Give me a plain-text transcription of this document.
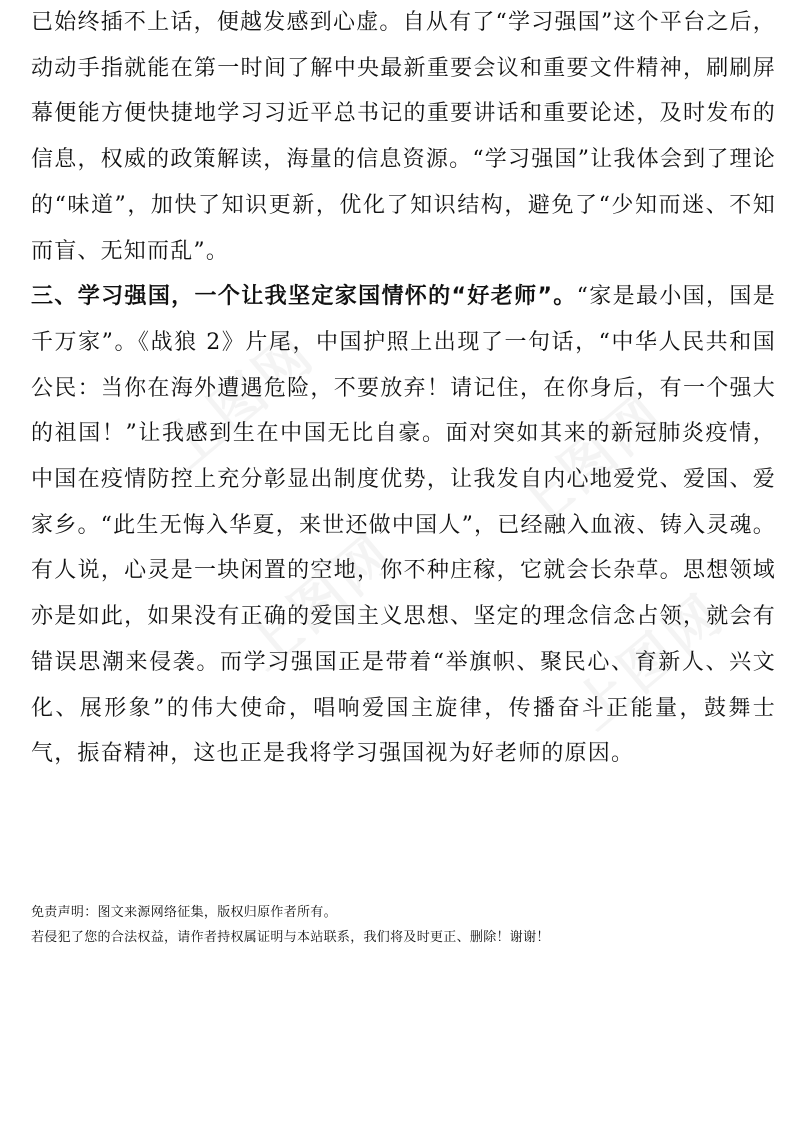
已始终插不上话，便越发感到心虚。自从有了“学习强国”这个平台之后，动动手指就能在第一时间了解中央最新重要会议和重要文件精神，刷刷屏幕便能方便快捷地学习习近平总书记的重要讲话和重要论述，及时发布的信息，权威的政策解读，海量的信息资源。“学习强国”让我体会到了理论的“味道”，加快了知识更新，优化了知识结构，避免了“少知而迷、不知而盲、无知而乱”。

三、学习强国，一个让我坚定家国情怀的“好老师”。“家是最小国，国是千万家”。《战狼 2》片尾，中国护照上出现了一句话，“中华人民共和国公民：当你在海外遭遇危险，不要放弃！请记住，在你身后，有一个强大的祖国！”让我感到生在中国无比自豪。面对突如其来的新冠肺炎疫情，中国在疫情防控上充分彰显出制度优势，让我发自内心地爱党、爱国、爱家乡。“此生无悔入华夏，来世还做中国人”，已经融入血液、铸入灵魂。有人说，心灵是一块闲置的空地，你不种庄稼，它就会长杂草。思想领域亦是如此，如果没有正确的爱国主义思想、坚定的理念信念占领，就会有错误思潮来侵袭。而学习强国正是带着“举旗帜、聚民心、育新人、兴文化、展形象”的伟大使命，唱响爱国主旋律，传播奋斗正能量，鼓舞士气，振奋精神，这也正是我将学习强国视为好老师的原因。

免责声明：图文来源网络征集，版权归原作者所有。
若侵犯了您的合法权益，请作者持权属证明与本站联系，我们将及时更正、删除！谢谢！
